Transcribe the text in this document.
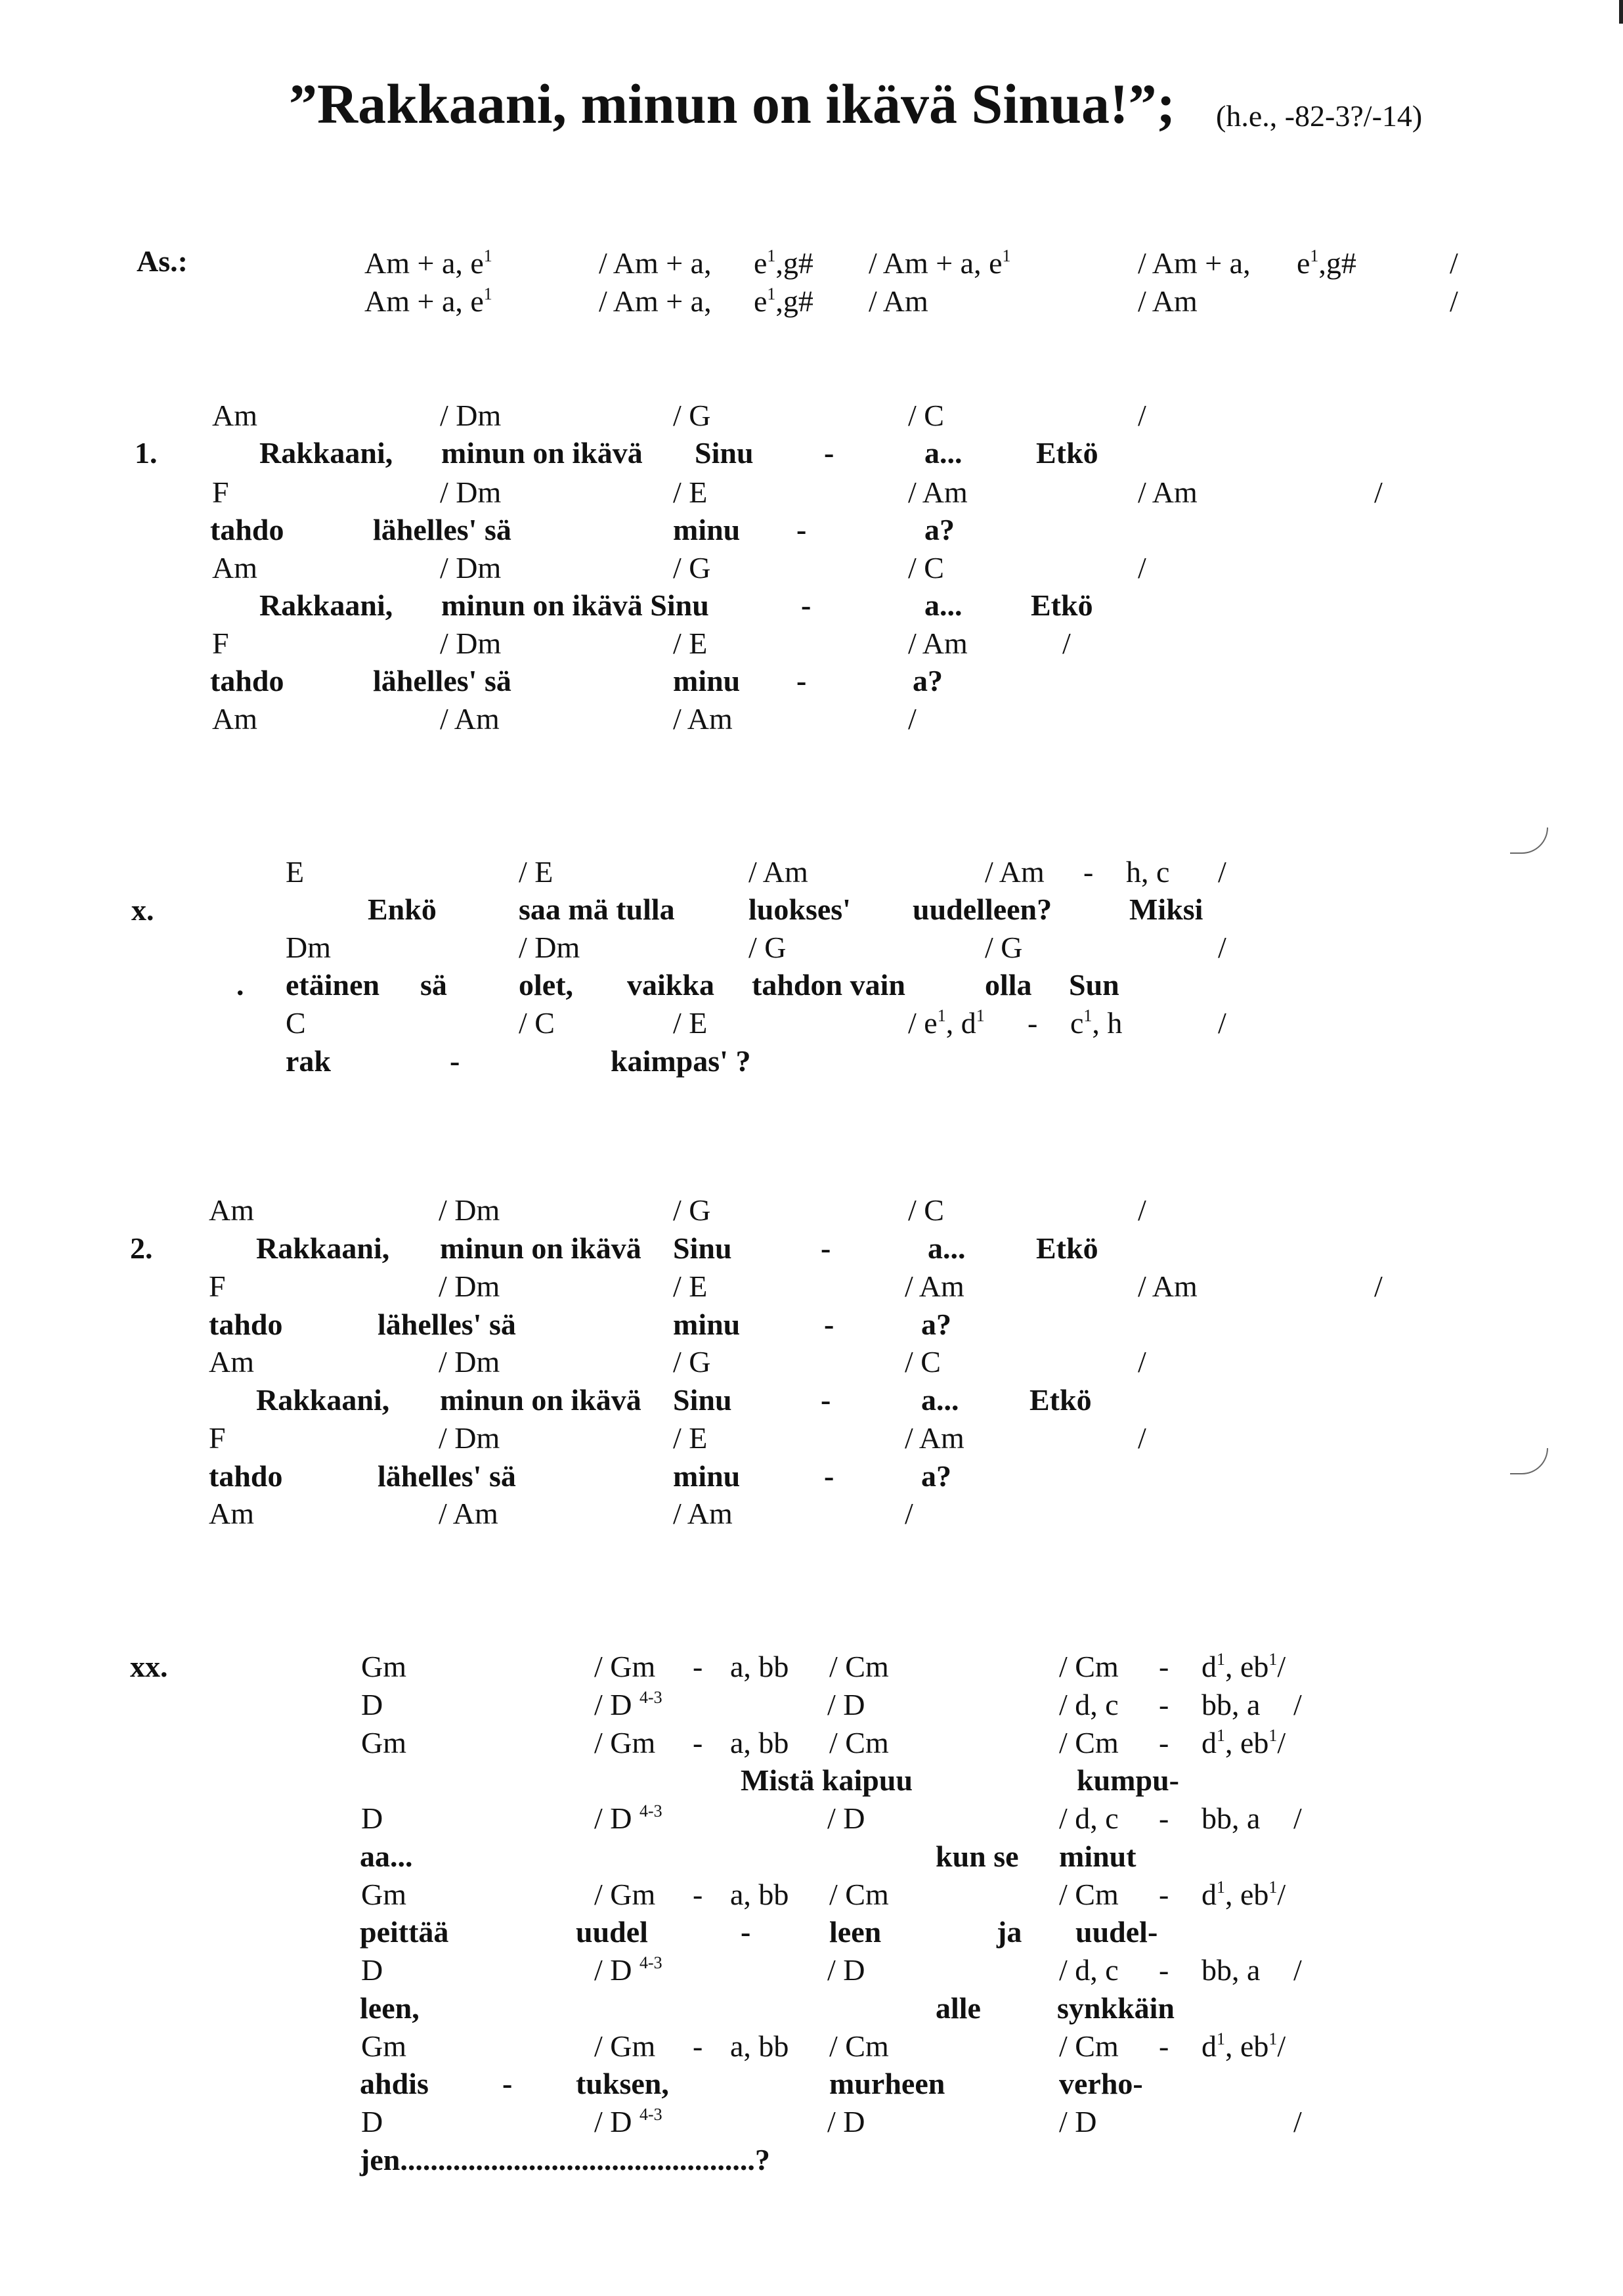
”Rakkaani, minun on ikävä Sinua!”; (h.e., -82-3?/-14)
As.:	Am + a, $e^1$	/ Am + a, $e^1,g\# / Am + a$, $e^1$	/ Am + a, $e^1,g\#$	/
Am + a, $e^1$	/ Am + a, $e^1,g\#$ / Am	/ Am	/
1.
Am	/ Dm	/ G	/ C	/
Rakkaani, minun on ikävä Sinu -	a... Etkö
F	/ Dm	/ E	/ Am	/ Am	/
tahdo	lähelles' sä	minu -	a?
Am	/ Dm	/ G	/ C	/
Rakkaani, minun on ikävä Sinu	-	a... Etkö
F	/ Dm	/ E	/ Am	/
tahdo	lähelles' sä	minu -	a?
Am	/ Am	/ Am	/
x.
E	/ E	/ Am	/ Am - h, c /
Enkö	saa mä tulla luokses' uudelleen?	Miksi
Dm	/ Dm	/ G	/ G	/
. etäinen sä olet, vaikka tahdon vain	olla Sun
C	/ C	/ E	/ $e^1$, $d^1 - c^1$, h	/
rak	-	kaimpas' ?
2.
Am	/ Dm	/ G	/ C	/
Rakkaani, minun on ikävä Sinu	-	a... Etkö
F	/ Dm	/ E	/ Am	/ Am	/
tahdo	lähelles' sä	minu	-	a?
Am	/ Dm	/ G	/ C	/
Rakkaani, minun on ikävä Sinu	-	a... Etkö
F	/ Dm	/ E	/ Am	/
tahdo	lähelles' sä	minu	-	a?
Am	/ Am	/ Am	/
xx.	Gm	/ Gm - a, bb / Cm	/ Cm - $d^1$, $eb^1/$
D	/ D $^{4-3}$	/ D	/ d, c - bb, a /
Gm	/ Gm - a, bb / Cm	/ Cm - $d^1$, $eb^1/$
Mistä kaipuu	kumpu-
D	/ D $^{4-3}$	/ D	/ d, c - bb, a /
aa...	kun se minut
Gm	/ Gm - a, bb / Cm	/ Cm - $d^1$, $eb^1/$
peittää	uudel	-	leen	ja uudel-
D	/ D $^{4-3}$	/ D	/ d, c - bb, a /
leen,	alle	synkkäin
Gm	/ Gm - a, bb / Cm	/ Cm - $d^1$, $eb^1/$
ahdis - tuksen,	murheen	verho-
D	/ D $^{4-3}$	/ D	/ D	/
jen...............................................?
